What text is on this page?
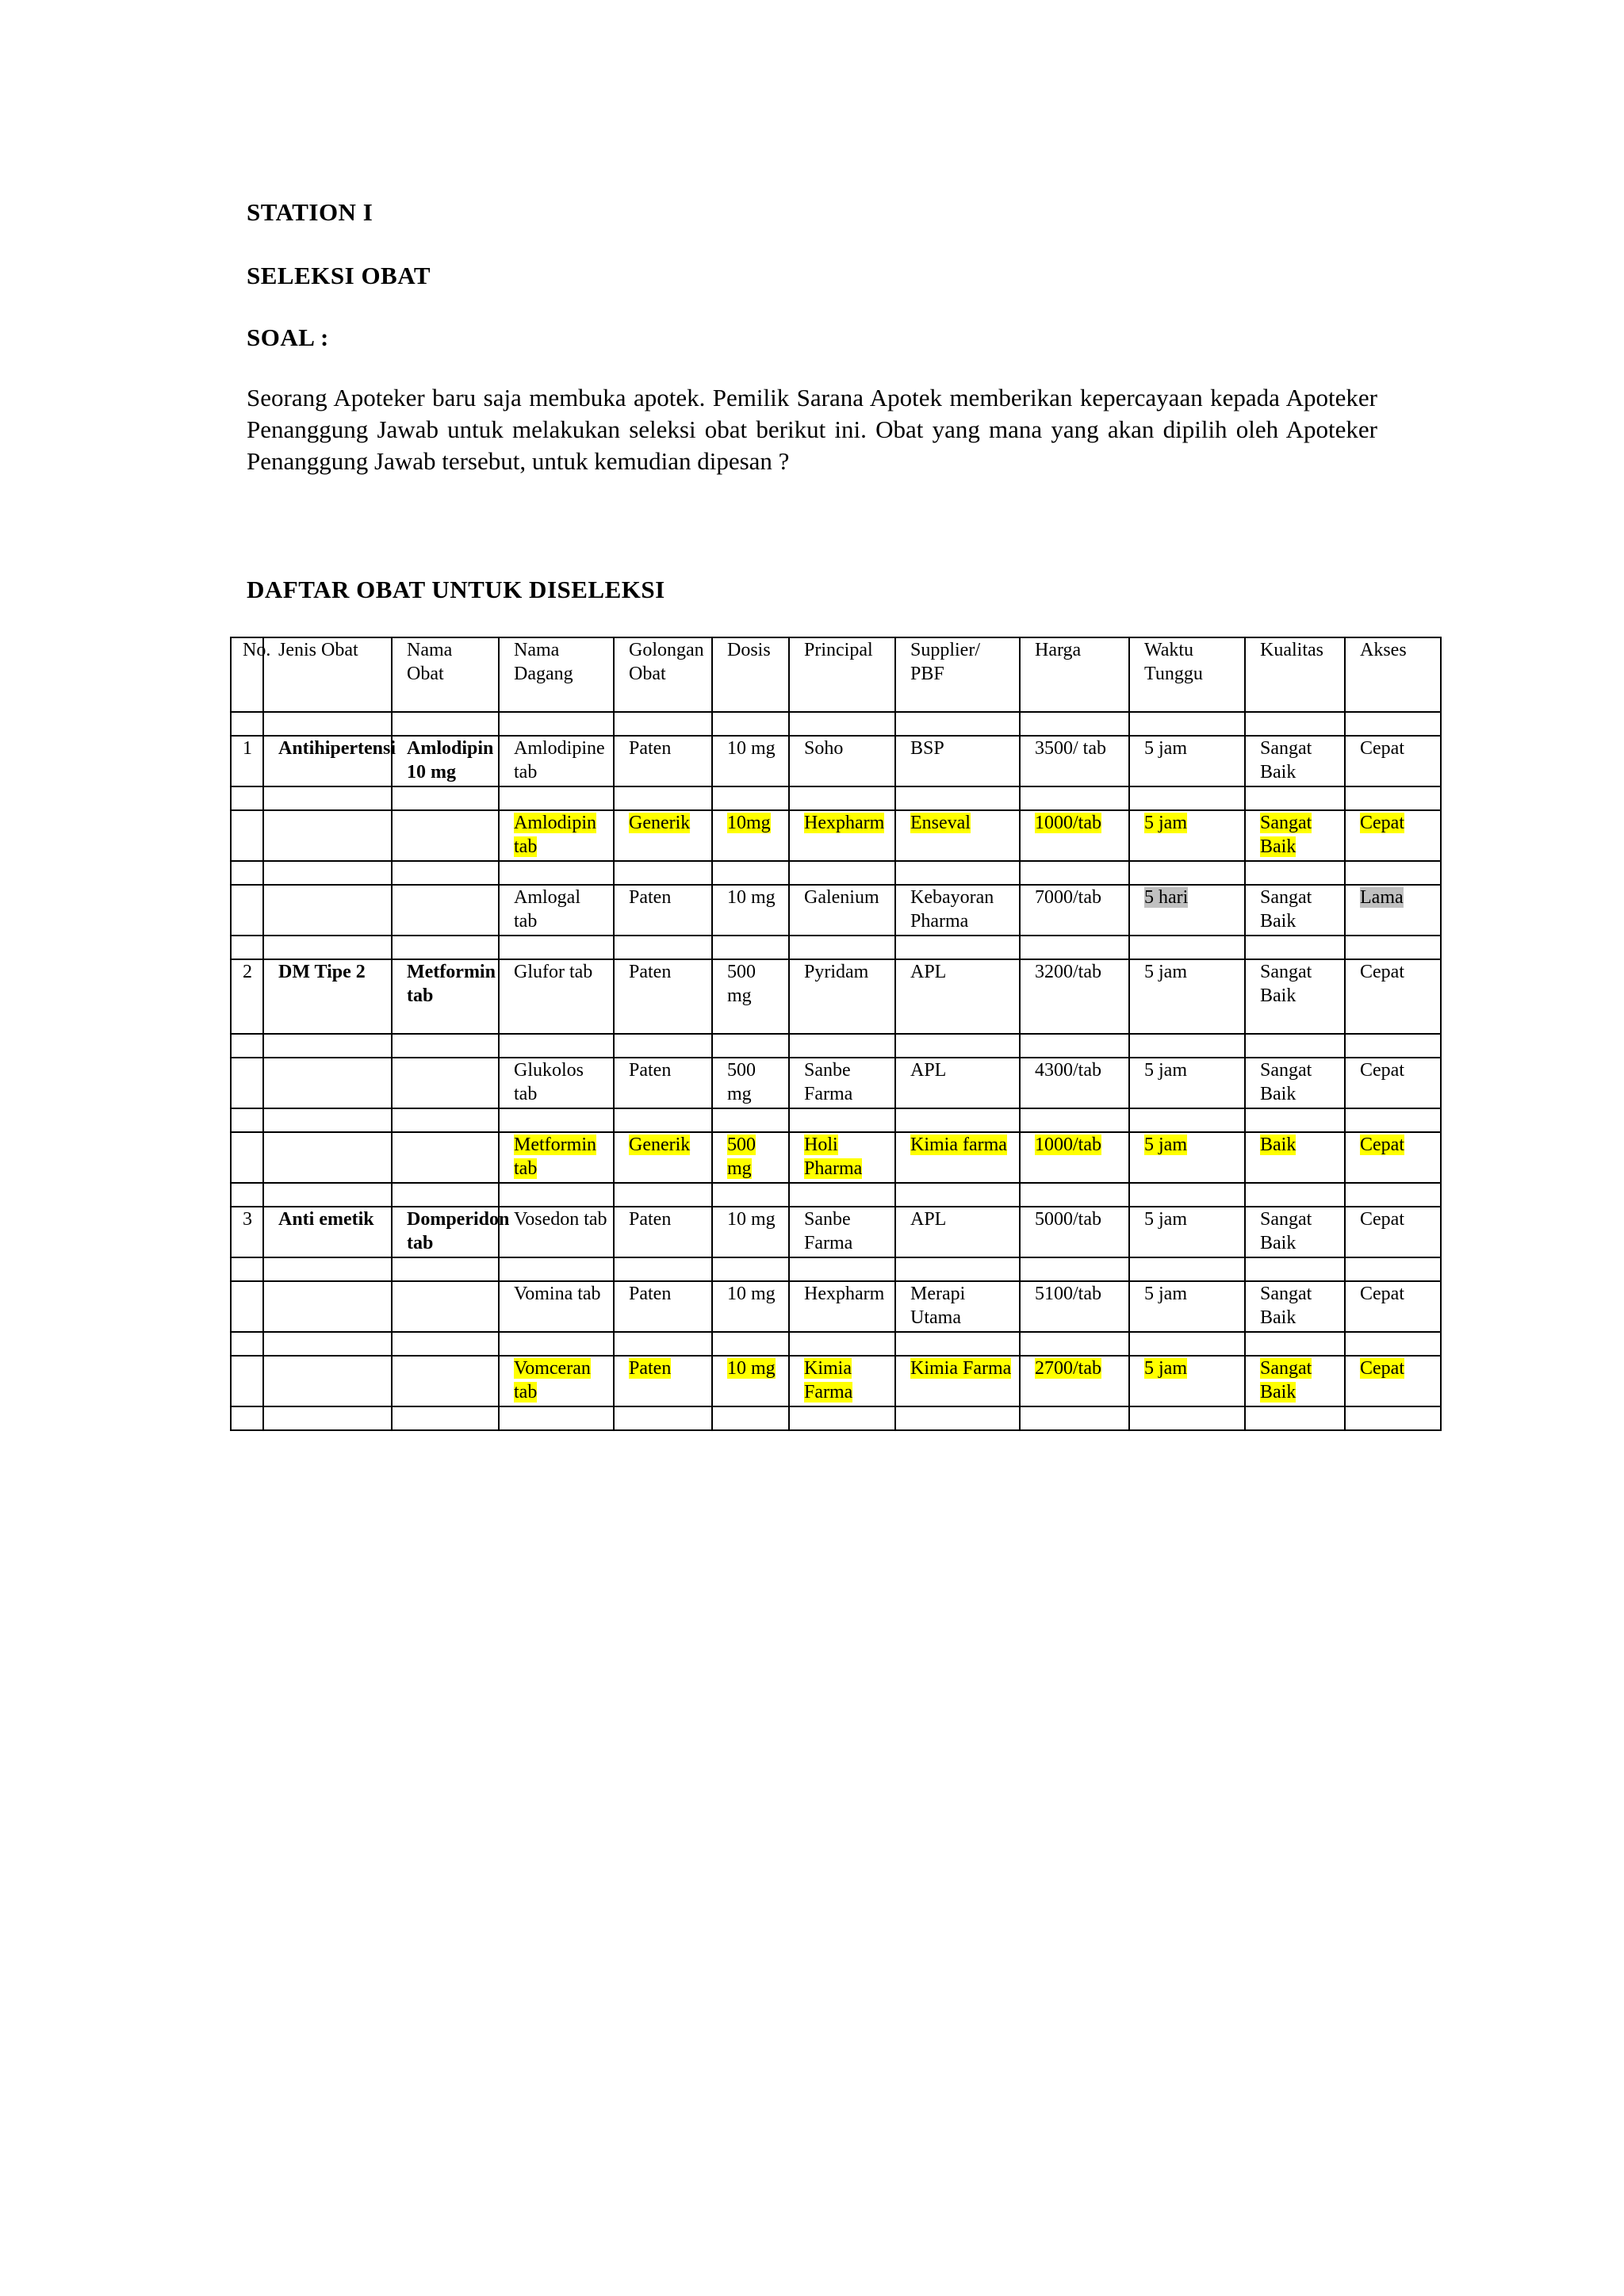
STATION I

SELEKSI OBAT

SOAL :

Seorang Apoteker baru saja membuka apotek. Pemilik Sarana Apotek memberikan kepercayaan kepada Apoteker Penanggung Jawab untuk melakukan seleksi obat berikut ini. Obat yang mana yang akan dipilih oleh Apoteker Penanggung Jawab tersebut, untuk kemudian dipesan ?

DAFTAR OBAT UNTUK DISELEKSI

No.	Jenis Obat	Nama Obat	Nama Dagang	Golongan Obat	Dosis	Principal	Supplier/ PBF	Harga	Waktu Tunggu	Kualitas	Akses

1	Antihipertensi	Amlodipin 10 mg	Amlodipine tab	Paten	10 mg	Soho	BSP	3500/ tab	5 jam	Sangat Baik	Cepat

			Amlodipin tab	Generik	10mg	Hexpharm	Enseval	1000/tab	5 jam	Sangat Baik	Cepat

			Amlogal tab	Paten	10 mg	Galenium	Kebayoran Pharma	7000/tab	5 hari	Sangat Baik	Lama

2	DM Tipe 2	Metformin tab	Glufor tab	Paten	500 mg	Pyridam	APL	3200/tab	5 jam	Sangat Baik	Cepat

			Glukolos tab	Paten	500 mg	Sanbe Farma	APL	4300/tab	5 jam	Sangat Baik	Cepat

			Metformin tab	Generik	500 mg	Holi Pharma	Kimia farma	1000/tab	5 jam	Baik	Cepat

3	Anti emetik	Domperidon tab	Vosedon tab	Paten	10 mg	Sanbe Farma	APL	5000/tab	5 jam	Sangat Baik	Cepat

			Vomina tab	Paten	10 mg	Hexpharm	Merapi Utama	5100/tab	5 jam	Sangat Baik	Cepat

			Vomceran tab	Paten	10 mg	Kimia Farma	Kimia Farma	2700/tab	5 jam	Sangat Baik	Cepat
